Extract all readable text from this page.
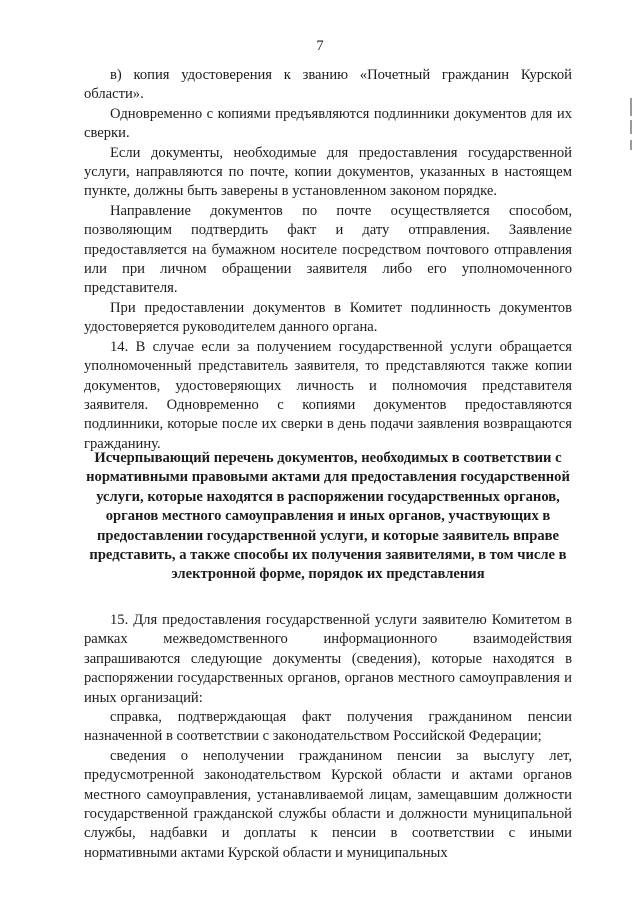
7

в) копия удостоверения к званию «Почетный гражданин Курской области».

Одновременно с копиями предъявляются подлинники документов для их сверки.

Если документы, необходимые для предоставления государственной услуги, направляются по почте, копии документов, указанных в настоящем пункте, должны быть заверены в установленном законом порядке.

Направление документов по почте осуществляется способом, позволяющим подтвердить факт и дату отправления. Заявление предоставляется на бумажном носителе посредством почтового отправления или при личном обращении заявителя либо его уполномоченного представителя.

При предоставлении документов в Комитет подлинность документов удостоверяется руководителем данного органа.

14. В случае если за получением государственной услуги обращается уполномоченный представитель заявителя, то представляются также копии документов, удостоверяющих личность и полномочия представителя заявителя. Одновременно с копиями документов предоставляются подлинники, которые после их сверки в день подачи заявления возвращаются гражданину.

Исчерпывающий перечень документов, необходимых в соответствии с нормативными правовыми актами для предоставления государственной услуги, которые находятся в распоряжении государственных органов, органов местного самоуправления и иных органов, участвующих в предоставлении государственной услуги, и которые заявитель вправе представить, а также способы их получения заявителями, в том числе в электронной форме, порядок их представления

15. Для предоставления государственной услуги заявителю Комитетом в рамках межведомственного информационного взаимодействия запрашиваются следующие документы (сведения), которые находятся в распоряжении государственных органов, органов местного самоуправления и иных организаций:

справка, подтверждающая факт получения гражданином пенсии назначенной в соответствии с законодательством Российской Федерации;

сведения о неполучении гражданином пенсии за выслугу лет, предусмотренной законодательством Курской области и актами органов местного самоуправления, устанавливаемой лицам, замещавшим должности государственной гражданской службы области и должности муниципальной службы, надбавки и доплаты к пенсии в соответствии с иными нормативными актами Курской области и муниципальных
